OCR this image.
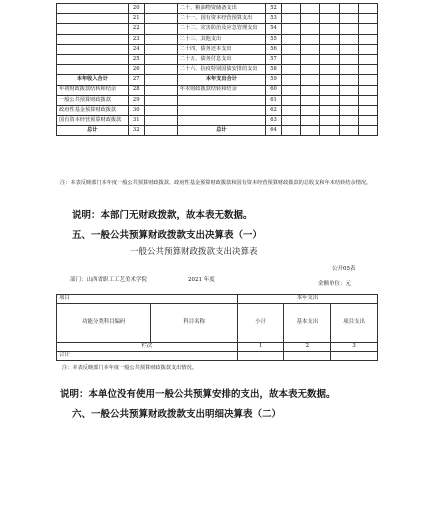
	20		二十、粮油物资储备支出	52					
	21		二十一、国有资本经营预算支出	53					
	22		二十二、灾害防治及应急管理支出	54					
	23		二十三、其他支出	55					
	24		二十四、债务还本支出	56					
	25		二十五、债务付息支出	57					
	26		二十六、抗疫特别国债安排的支出	58					
本年收入合计	27		本年支出合计	59					
年初财政拨款结转和结余	28		年末财政拨款结转和结余	60					
一般公共预算财政拨款	29			61					
政府性基金预算财政拨款	30			62					
国有资本经营预算财政拨款	31			63					
总计	32		总计	64					
注：本表反映部门本年度一般公共预算财政拨款、政府性基金预算财政拨款和国有资本经营预算财政拨款的总收支和年末结转结余情况。
说明：本部门无财政拨款，故本表无数据。
五、一般公共预算财政拨款支出决算表（一）
一般公共预算财政拨款支出决算表
公开05表
金额单位：元
部门：山西省职工工艺美术学院	2021 年度
项目		本年支出		
功能分类科目编码	科目名称	小计	基本支出	项目支出
栏次		1	2	3
合计				
注：本表反映部门本年度一般公共预算财政拨款支出情况。
说明：本单位没有使用一般公共预算安排的支出，故本表无数据。
六、一般公共预算财政拨款支出明细决算表（二）
